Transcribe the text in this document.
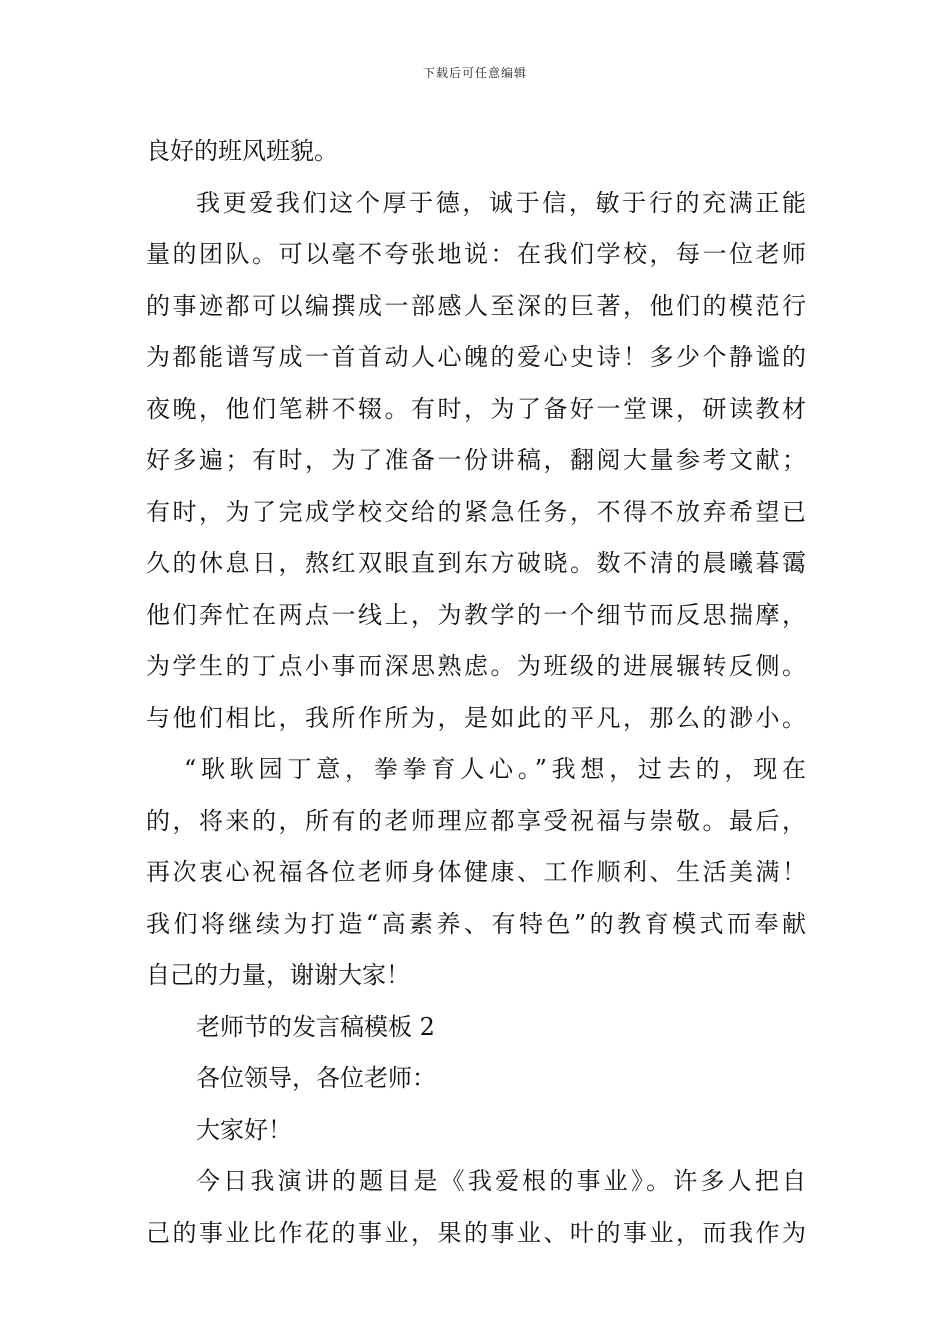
下载后可任意编辑
良好的班风班貌。
我更爱我们这个厚于德，诚于信，敏于行的充满正能
量的团队。可以毫不夸张地说：在我们学校，每一位老师
的事迹都可以编撰成一部感人至深的巨著，他们的模范行
为都能谱写成一首首动人心魄的爱心史诗！多少个静谧的
夜晚，他们笔耕不辍。有时，为了备好一堂课，研读教材
好多遍；有时，为了准备一份讲稿，翻阅大量参考文献；
有时，为了完成学校交给的紧急任务，不得不放弃希望已
久的休息日，熬红双眼直到东方破晓。数不清的晨曦暮霭
他们奔忙在两点一线上，为教学的一个细节而反思揣摩，
为学生的丁点小事而深思熟虑。为班级的进展辗转反侧。
与他们相比，我所作所为，是如此的平凡，那么的渺小。
“耿耿园丁意，拳拳育人心。”我想，过去的，现在
的，将来的，所有的老师理应都享受祝福与崇敬。最后，
再次衷心祝福各位老师身体健康、工作顺利、生活美满！
我们将继续为打造“高素养、有特色”的教育模式而奉献
自己的力量，谢谢大家！
老师节的发言稿模板 2
各位领导，各位老师：
大家好！
今日我演讲的题目是《我爱根的事业》。许多人把自
己的事业比作花的事业，果的事业、叶的事业，而我作为
